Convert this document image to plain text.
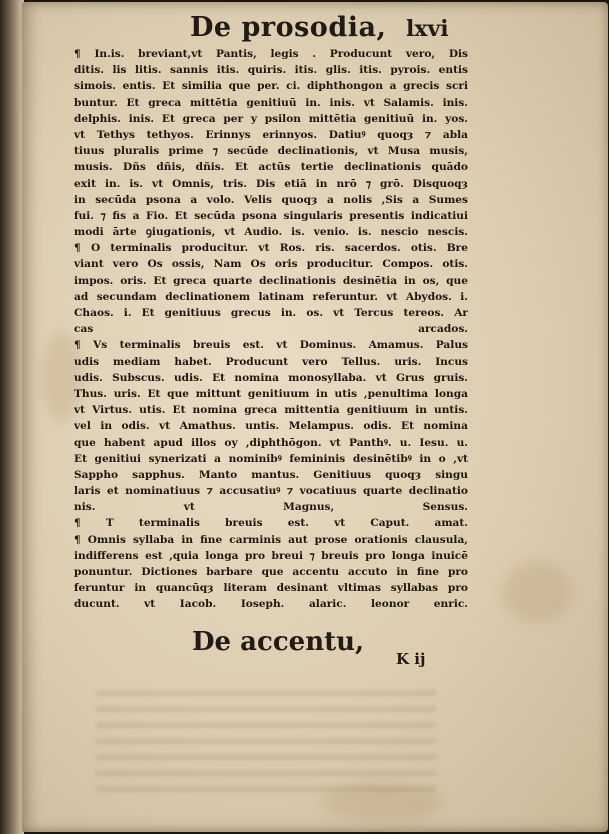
De prosodia, lxvi
¶ In.is. breviant,vt Pantis, legis . Producunt vero, Dis
ditis. lis litis. sannis itis. quiris. itis. glis. itis. pyrois. entis
simois. entis. Et similia que per. ci. diphthongon a grecis scri
buntur. Et greca mittētia genitiuū in. inis. vt Salamis. inis.
delphis. inis. Et greca per y psilon mittētia genitiuū in. yos.
vt Tethys tethyos. Erinnys erinnyos. Datiuꝰ quoqȝ ⁊ abla
tiuus pluralis prime ⁊ secūde declinationis, vt Musa musis,
musis. Dñs dñis, dñis. Et actūs tertie declinationis quādo
exit in. is. vt Omnis, tris. Dis etiā in nrō ⁊ grō. Disquoqȝ
in secūda psona a volo. Velis quoqȝ a nolis ,Sis a Sumes
fui. ⁊ fis a Fio. Et secūda psona singularis presentis indicatiui
modi ārte ꝯiugationis, vt Audio. is. venio. is. nescio nescis.
¶ O terminalis producitur. vt Ros. ris. sacerdos. otis. Bre
viant vero Os ossis, Nam Os oris producitur. Compos. otis.
impos. oris. Et greca quarte declinationis desinētia in os, que
ad secundam declinationem latinam referuntur. vt Abydos. i.
Chaos. i. Et genitiuus grecus in. os. vt Tercus tereos. Ar
cas arcados.
¶ Vs terminalis breuis est. vt Dominus. Amamus. Palus
udis mediam habet. Producunt vero Tellus. uris. Incus
udis. Subscus. udis. Et nomina monosyllaba. vt Grus gruis.
Thus. uris. Et que mittunt genitiuum in utis ,penultima longa
vt Virtus. utis. Et nomina greca mittentia genitiuum in untis.
vel in odis. vt Amathus. untis. Melampus. odis. Et nomina
que habent apud illos oy ,diphthōgon. vt Panthꝰ. u. Iesu. u.
Et genitiui synerizati a nominibꝰ femininis desinētibꝰ in o ,vt
Sappho sapphus. Manto mantus. Genitiuus quoqȝ singu
laris et nominatiuus ⁊ accusatiuꝰ ⁊ vocatiuus quarte declinatio
nis. vt Magnus, Sensus.
¶ T terminalis breuis est. vt Caput. amat.
¶ Omnis syllaba in fine carminis aut prose orationis clausula,
indifferens est ,quia longa pro breui ⁊ breuis pro longa inuicē
ponuntur. Dictiones barbare que accentu accuto in fine pro
feruntur in quancūqȝ literam desinant vltimas syllabas pro
ducunt. vt Iacob. Ioseph. alaric. leonor enric.
De accentu,
K ij
